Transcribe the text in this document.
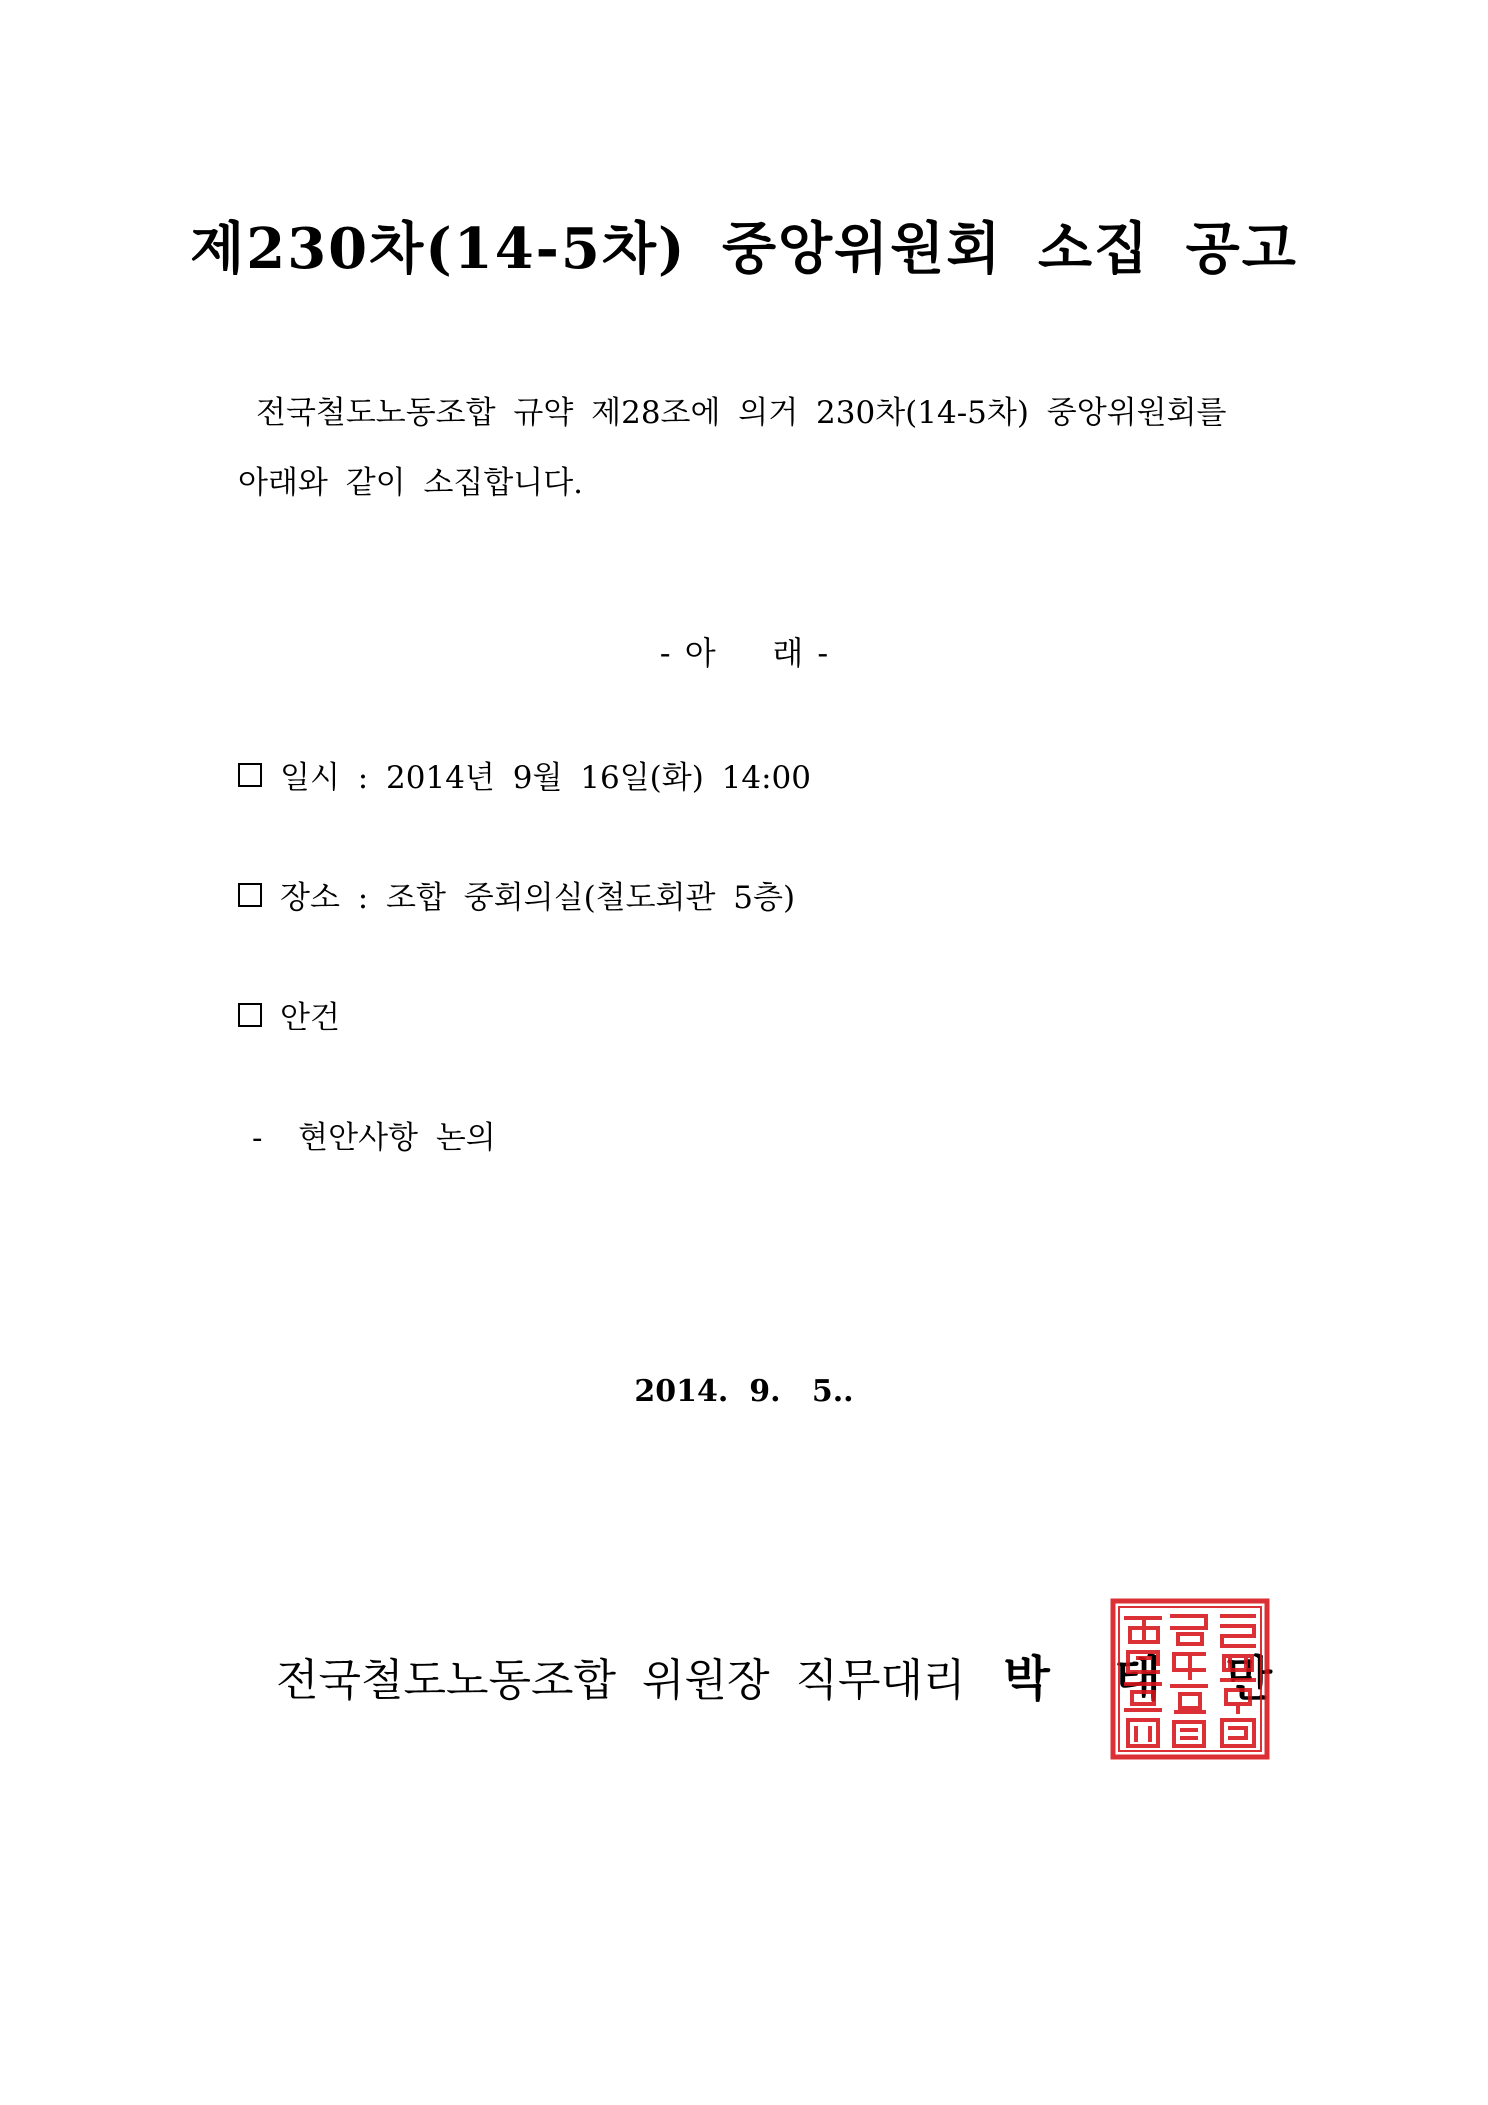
제230차(14-5차) 중앙위원회 소집 공고
전국철도노동조합 규약 제28조에 의거 230차(14-5차) 중앙위원회를
아래와 같이 소집합니다.
- 아    래 -
일시 : 2014년 9월 16일(화) 14:00
장소 : 조합 중회의실(철도회관 5층)
안건
-  현안사항 논의
2014.  9.   5..
전국철도노동조합 위원장 직무대리 박 태 만
